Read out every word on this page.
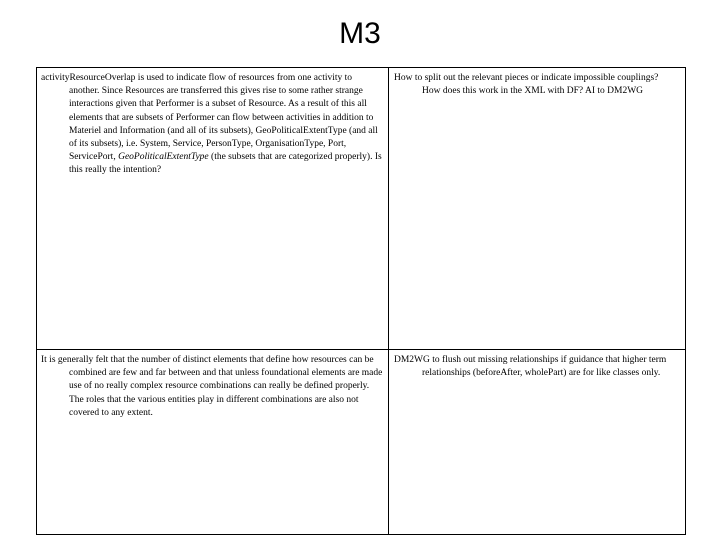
M3

activityResourceOverlap is used to indicate flow of resources from one activity to another. Since Resources are transferred this gives rise to some rather strange interactions given that Performer is a subset of Resource. As a result of this all elements that are subsets of Performer can flow between activities in addition to Materiel and Information (and all of its subsets), GeoPoliticalExtentType (and all of its subsets), i.e. System, Service, PersonType, OrganisationType, Port, ServicePort, GeoPoliticalExtentType (the subsets that are categorized properly). Is this really the intention?

How to split out the relevant pieces or indicate impossible couplings? How does this work in the XML with DF? AI to DM2WG

It is generally felt that the number of distinct elements that define how resources can be combined are few and far between and that unless foundational elements are made use of no really complex resource combinations can really be defined properly. The roles that the various entities play in different combinations are also not covered to any extent.

DM2WG to flush out missing relationships if guidance that higher term relationships (beforeAfter, wholePart) are for like classes only.
